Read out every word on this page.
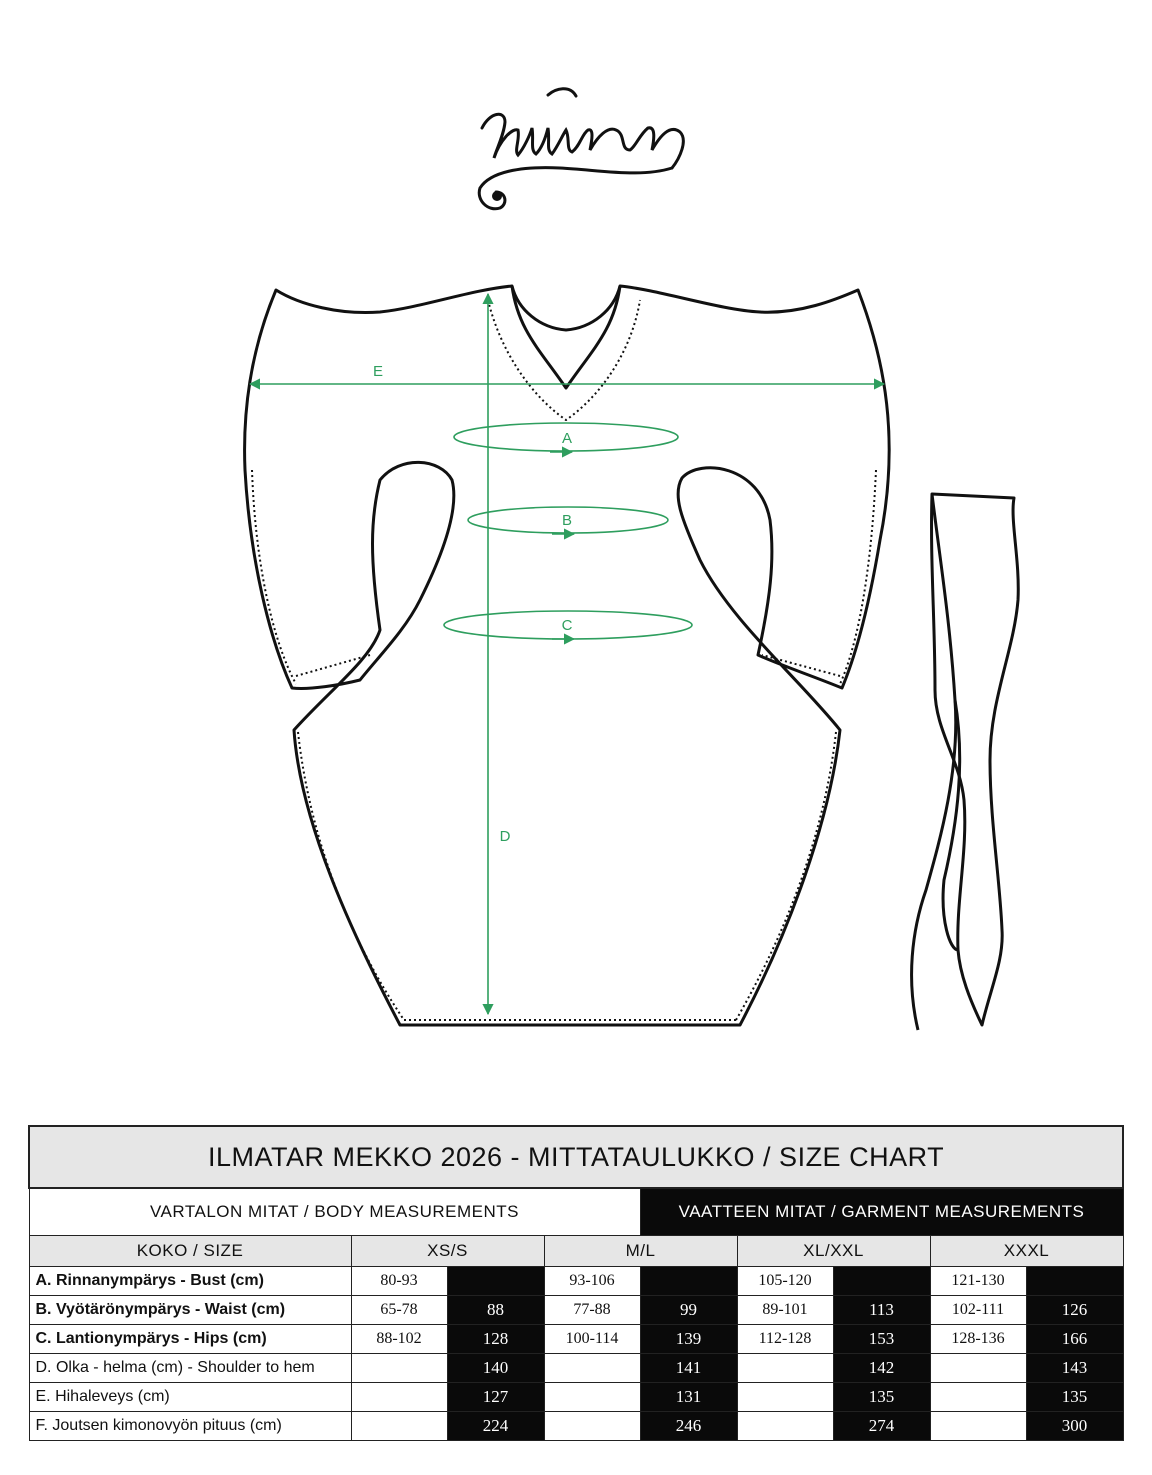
E
A
B
C
D
ILMATAR MEKKO 2026 - MITTATAULUKKO / SIZE CHART								
VARTALON MITAT / BODY MEASUREMENTS				VAATTEEN MITAT / GARMENT MEASUREMENTS				
KOKO / SIZE	XS/S		M/L		XL/XXL		XXXL	
A. Rinnanympärys - Bust (cm)	80-93		93-106		105-120		121-130	
B. Vyötärönympärys - Waist (cm)	65-78	88	77-88	99	89-101	113	102-111	126
C. Lantionympärys - Hips (cm)	88-102	128	100-114	139	112-128	153	128-136	166
D. Olka - helma (cm) - Shoulder to hem		140		141		142		143
E. Hihaleveys (cm)		127		131		135		135
F. Joutsen kimonovyön pituus (cm)		224		246		274		300
